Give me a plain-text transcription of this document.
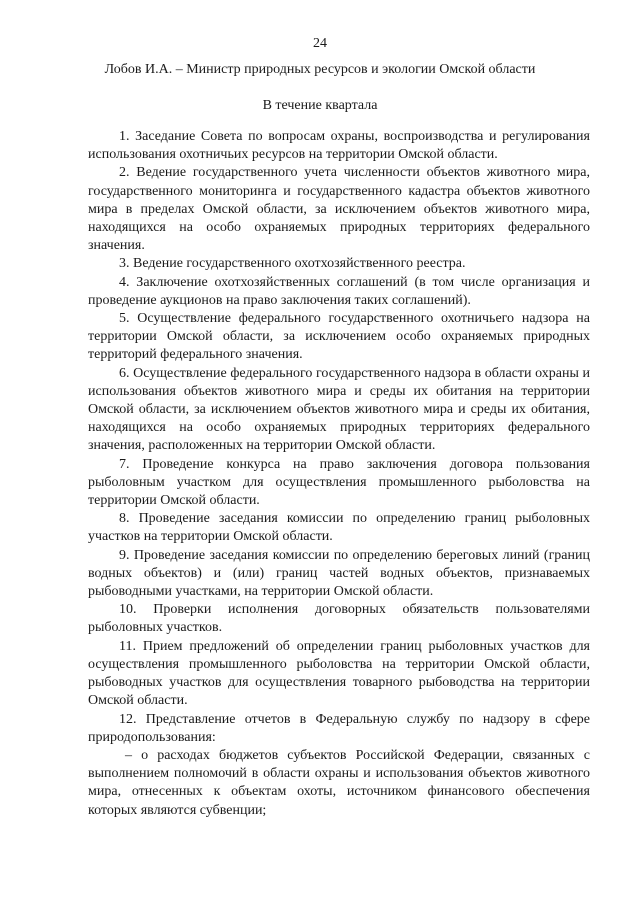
24
Лобов И.А. – Министр природных ресурсов и экологии Омской области
В течение квартала

1. Заседание Совета по вопросам охраны, воспроизводства и регулирования использования охотничьих ресурсов на территории Омской области.

2. Ведение государственного учета численности объектов животного мира, государственного мониторинга и государственного кадастра объектов животного мира в пределах Омской области, за исключением объектов животного мира, находящихся на особо охраняемых природных территориях федерального значения.

3. Ведение государственного охотхозяйственного реестра.

4. Заключение охотхозяйственных соглашений (в том числе организация и проведение аукционов на право заключения таких соглашений).

5. Осуществление федерального государственного охотничьего надзора на территории Омской области, за исключением особо охраняемых природных территорий федерального значения.

6. Осуществление федерального государственного надзора в области охраны и использования объектов животного мира и среды их обитания на территории Омской области, за исключением объектов животного мира и среды их обитания, находящихся на особо охраняемых природных территориях федерального значения, расположенных на территории Омской области.

7. Проведение конкурса на право заключения договора пользования рыболовным участком для осуществления промышленного рыболовства на территории Омской области.

8. Проведение заседания комиссии по определению границ рыболовных участков на территории Омской области.

9. Проведение заседания комиссии по определению береговых линий (границ водных объектов) и (или) границ частей водных объектов, признаваемых рыбоводными участками, на территории Омской области.

10. Проверки исполнения договорных обязательств пользователями рыболовных участков.

11. Прием предложений об определении границ рыболовных участков для осуществления промышленного рыболовства на территории Омской области, рыбоводных участков для осуществления товарного рыбоводства на территории Омской области.

12. Представление отчетов в Федеральную службу по надзору в сфере природопользования:

– о расходах бюджетов субъектов Российской Федерации, связанных с выполнением полномочий в области охраны и использования объектов животного мира, отнесенных к объектам охоты, источником финансового обеспечения которых являются субвенции;
